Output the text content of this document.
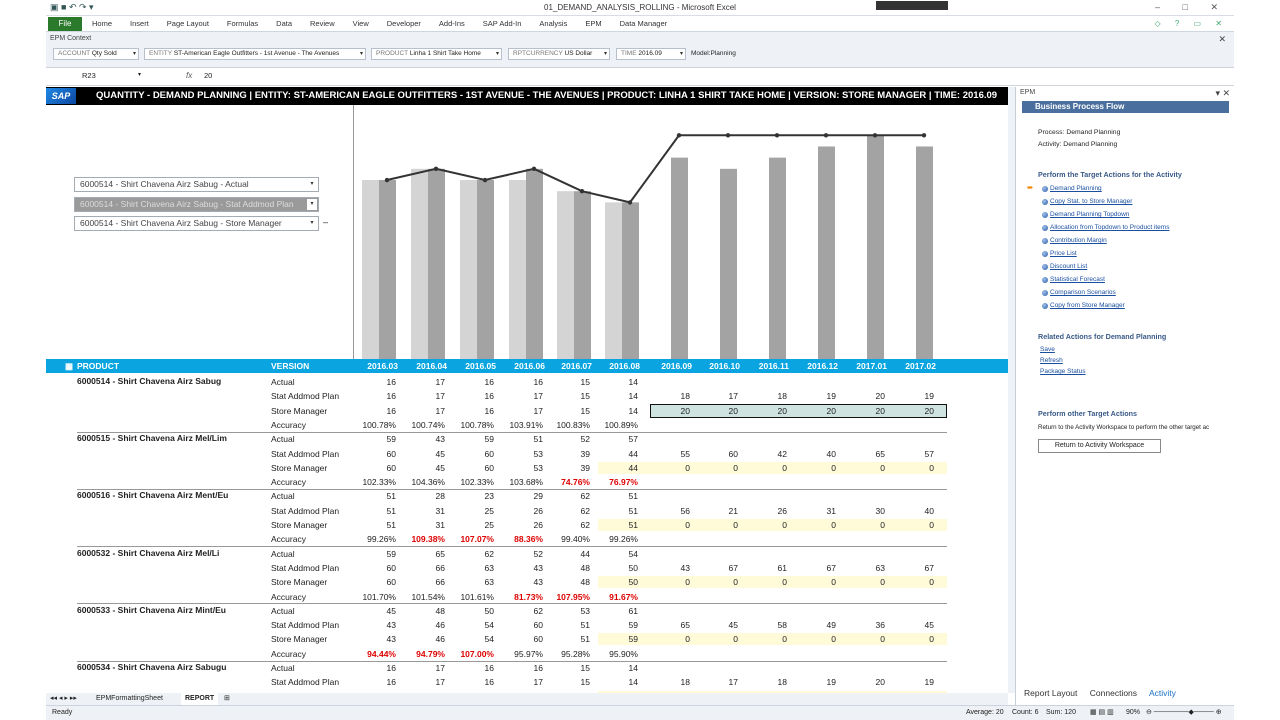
▣ ■ ↶ ↷ ▾	01_DEMAND_ANALYSIS_ROLLING - Microsoft Excel	– □ ✕
File	Home Insert Page Layout Formulas Data Review View Developer Add-Ins SAP Add-In Analysis EPM Data Manager	◇ ? ▭ ✕
EPM Context	✕
ACCOUNT Qty Sold	▾	ENTITY ST-American Eagle Outfitters - 1st Avenue - The Avenues	▾	PRODUCT Linha 1 Shirt Take Home	▾	RPTCURRENCY US Dollar ▾	TIME 2016.09	▾ Model:Planning
R23	▾	fx 20
SAP	QUANTITY - DEMAND PLANNING | ENTITY: ST-AMERICAN EAGLE OUTFITTERS - 1ST AVENUE - THE AVENUES | PRODUCT: LINHA 1 SHIRT TAKE HOME | VERSION: STORE MANAGER | TIME: 2016.09
6000514 - Shirt Chavena Airz Sabug - Actual	▾
6000514 - Shirt Chavena Airz Sabug - Stat Addmod Plan	▾
6000514 - Shirt Chavena Airz Sabug - Store Manager	▾	–
▦ PRODUCT	VERSION	2016.03	2016.04	2016.05	2016.06	2016.07	2016.08	2016.09	2016.10	2016.11	2016.12	2017.01	2017.02
6000514 - Shirt Chavena Airz Sabug	Actual	16	17	16	16	15	14
Stat Addmod Plan	16	17	16	17	15	14	18	17	18	19	20	19
Store Manager	16	17	16	17	15	14	20	20	20	20	20	20
Accuracy	100.78%	100.74%	100.78%	103.91%	100.83%	100.89%
6000515 - Shirt Chavena Airz Mel/Lim	Actual	59	43	59	51	52	57
Stat Addmod Plan	60	45	60	53	39	44	55	60	42	40	65	57
Store Manager	60	45	60	53	39	44	0	0	0	0	0	0
Accuracy	102.33%	104.36%	102.33%	103.68%	74.76%	76.97%
6000516 - Shirt Chavena Airz Ment/Eu	Actual	51	28	23	29	62	51
Stat Addmod Plan	51	31	25	26	62	51	56	21	26	31	30	40
Store Manager	51	31	25	26	62	51	0	0	0	0	0	0
Accuracy	99.26%	109.38%	107.07%	88.36%	99.40%	99.26%
6000532 - Shirt Chavena Airz Mel/Li	Actual	59	65	62	52	44	54
Stat Addmod Plan	60	66	63	43	48	50	43	67	61	67	63	67
Store Manager	60	66	63	43	48	50	0	0	0	0	0	0
Accuracy	101.70%	101.54%	101.61%	81.73%	107.95%	91.67%
6000533 - Shirt Chavena Airz Mint/Eu	Actual	45	48	50	62	53	61
Stat Addmod Plan	43	46	54	60	51	59	65	45	58	49	36	45
Store Manager	43	46	54	60	51	59	0	0	0	0	0	0
Accuracy	94.44%	94.79%	107.00%	95.97%	95.28%	95.90%
6000534 - Shirt Chavena Airz Sabugu	Actual	16	17	16	16	15	14
Stat Addmod Plan	16	17	16	17	15	14	18	17	18	19	20	19
◂◂ ◂ ▸ ▸▸	EPMFormattingSheet	REPORT	⊞
Ready	Average: 20 Count: 6 Sum: 120 ▦ ▤ ▥ 90% ⊖ ───────◆──── ⊕
EPM	▾ ✕
Business Process Flow
Process: Demand Planning
Activity: Demand Planning
Perform the Target Actions for the Activity
➨	Demand Planning
Copy Stat. to Store Manager
Demand Planning Topdown
Allocation from Topdown to Product items
Contribution Margin
Price List
Discount List
Statistical Forecast
Comparison Scenarios
Copy from Store Manager
Related Actions for Demand Planning
Save
Refresh
Package Status
Perform other Target Actions
Return to the Activity Workspace to perform the other target ac
Return to Activity Workspace
Report Layout Connections Activity
